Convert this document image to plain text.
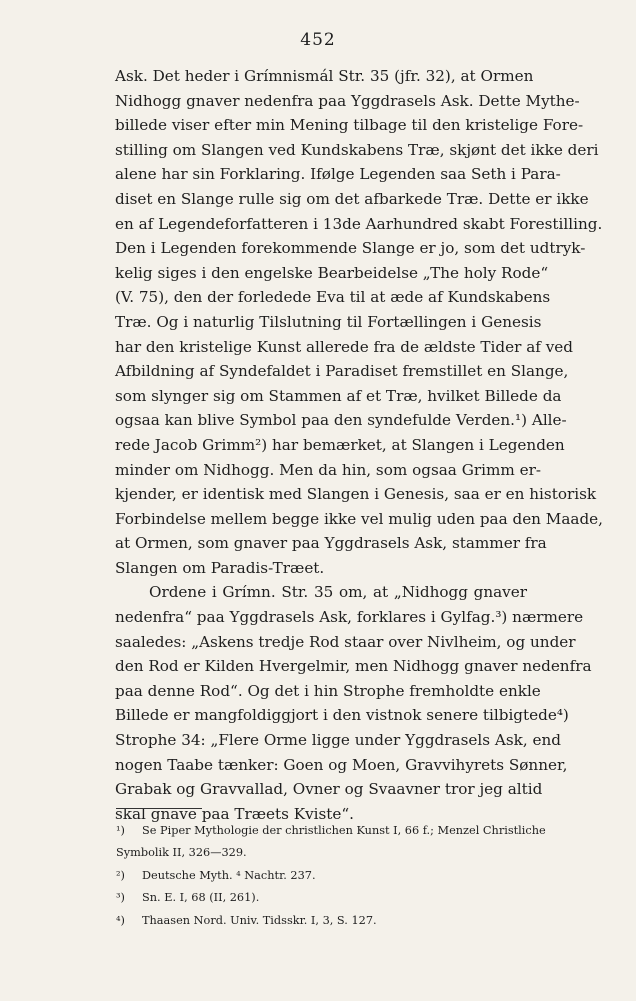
452
Ask. Det heder i Grímnismál Str. 35 (jfr. 32), at Ormen
Nidhogg gnaver nedenfra paa Yggdrasels Ask. Dette Mythe-
billede viser efter min Mening tilbage til den kristelige Fore-
stilling om Slangen ved Kundskabens Træ, skjønt det ikke deri
alene har sin Forklaring. Ifølge Legenden saa Seth i Para-
diset en Slange rulle sig om det afbarkede Træ. Dette er ikke
en af Legendeforfatteren i 13de Aarhundred skabt Forestilling.
Den i Legenden forekommende Slange er jo, som det udtryk-
kelig siges i den engelske Bearbeidelse „The holy Rode“
(V. 75), den der forledede Eva til at æde af Kundskabens
Træ. Og i naturlig Tilslutning til Fortællingen i Genesis
har den kristelige Kunst allerede fra de ældste Tider af ved
Afbildning af Syndefaldet i Paradiset fremstillet en Slange,
som slynger sig om Stammen af et Træ, hvilket Billede da
ogsaa kan blive Symbol paa den syndefulde Verden.¹) Alle-
rede Jacob Grimm²) har bemærket, at Slangen i Legenden
minder om Nidhogg. Men da hin, som ogsaa Grimm er-
kjender, er identisk med Slangen i Genesis, saa er en historisk
Forbindelse mellem begge ikke vel mulig uden paa den Maade,
at Ormen, som gnaver paa Yggdrasels Ask, stammer fra
Slangen om Paradis-Træet.
Ordene i Grímn. Str. 35 om, at „Nidhogg gnaver
nedenfra“ paa Yggdrasels Ask, forklares i Gylfag.³) nærmere
saaledes: „Askens tredje Rod staar over Nivlheim, og under
den Rod er Kilden Hvergelmir, men Nidhogg gnaver nedenfra
paa denne Rod“. Og det i hin Strophe fremholdte enkle
Billede er mangfoldiggjort i den vistnok senere tilbigtede⁴)
Strophe 34: „Flere Orme ligge under Yggdrasels Ask, end
nogen Taabe tænker: Goen og Moen, Gravvihyrets Sønner,
Grabak og Gravvallad, Ovner og Svaavner tror jeg altid
skal gnave paa Træets Kviste“.
¹) Se Piper Mythologie der christlichen Kunst I, 66 f.; Menzel Christliche
Symbolik II, 326—329.
²) Deutsche Myth. ⁴ Nachtr. 237.
³) Sn. E. I, 68 (II, 261).
⁴) Thaasen Nord. Univ. Tidsskr. I, 3, S. 127.
